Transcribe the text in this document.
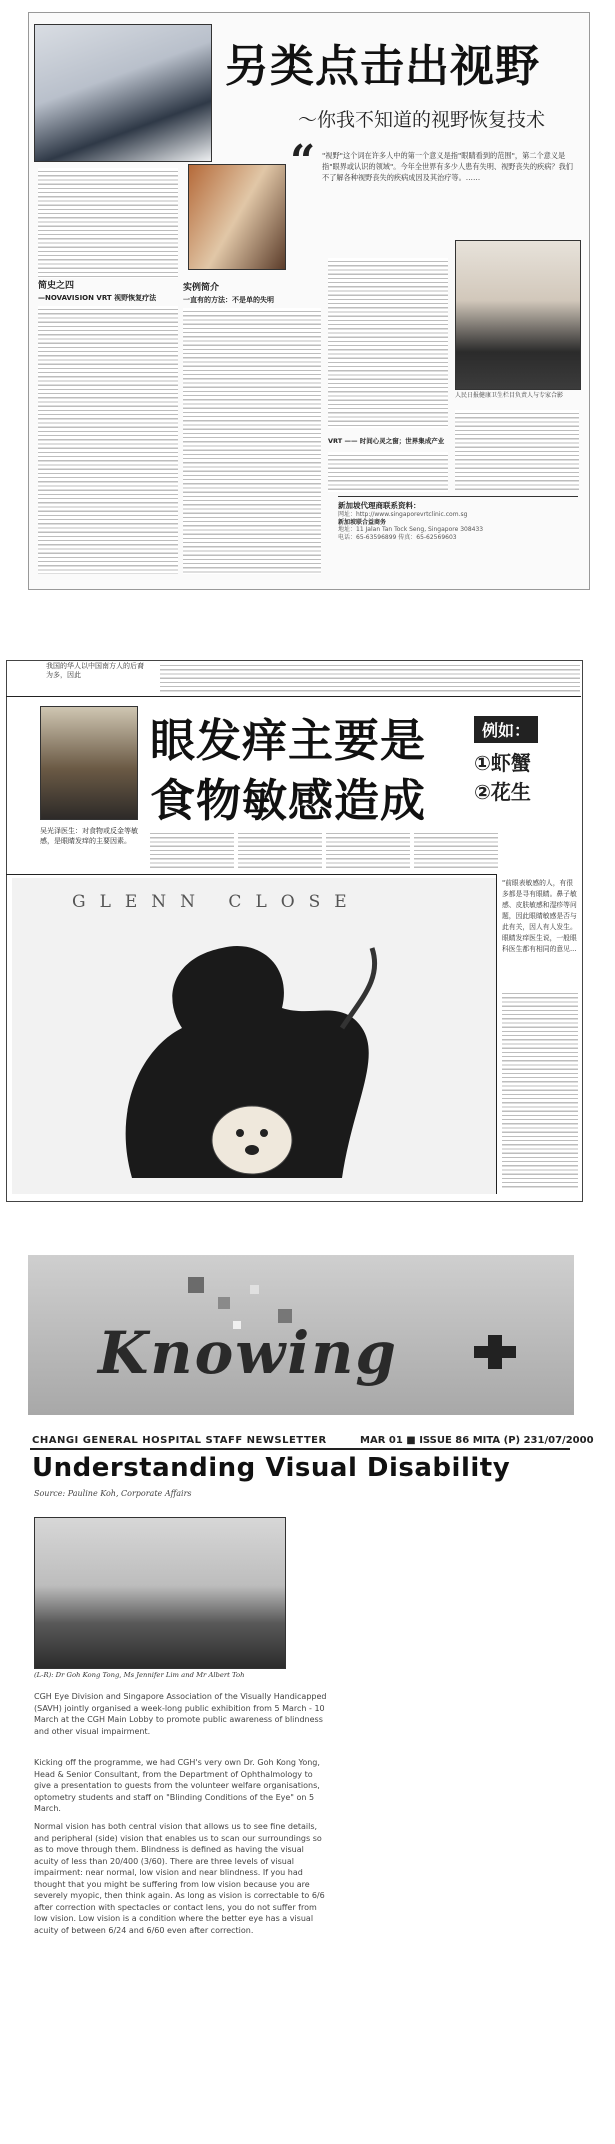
另类点击出视野
～你我不知道的视野恢复技术
“ "视野"这个词在许多人中的第一个意义是指"眼睛看到的范围"，第二个意义是指"眼界或认识的领域"。今年全世界有多少人患有失明、视野丧失的疾病？我们不了解各种视野丧失的疾病成因及其治疗等。……
简史之四
—NOVAVISION VRT 视野恢复疗法
实例简介
一直有的方法：不是单的失明
VRT —— 时间心灵之窗；世界集成产业
人民日报健康卫生栏目负责人与专家合影
新加坡代理商联系资料：
网址：http://www.singaporevrtclinic.com.sg
新加坡联合益商务
地址：11 Jalan Tan Tock Seng, Singapore 308433
电话：65-63596899 传真：65-62569603
我国的华人以中国南方人的后裔为多，因此
吴光泽医生：对食物或反金等敏感，是眼睛发痒的主要因素。
眼发痒主要是
食物敏感造成
例如：
①虾蟹
②花生
GLENN CLOSE
"前眼表敏感的人，有很多都是寻有眼睛。鼻子敏感、皮肤敏感和湿疹等问题，因此眼睛敏感是否与此有关，因人有人发生。眼睛发痒医生说，一般眼科医生都有相同的意见...
Knowing
CHANGI GENERAL HOSPITAL STAFF NEWSLETTER	MAR 01 ■ ISSUE 86 MITA (P) 231/07/2000
Understanding Visual Disability
Source: Pauline Koh, Corporate Affairs
(L-R): Dr Goh Kong Tong, Ms Jennifer Lim and Mr Albert Toh
CGH Eye Division and Singapore Association of the Visually Handicapped (SAVH) jointly organised a week-long public exhibition from 5 March - 10 March at the CGH Main Lobby to promote public awareness of blindness and other visual impairment.
Kicking off the programme, we had CGH's very own Dr. Goh Kong Yong, Head & Senior Consultant, from the Department of Ophthalmology to give a presentation to guests from the volunteer welfare organisations, optometry students and staff on "Blinding Conditions of the Eye" on 5 March.
Normal vision has both central vision that allows us to see fine details, and peripheral (side) vision that enables us to scan our surroundings so as to move through them. Blindness is defined as having the visual acuity of less than 20/400 (3/60). There are three levels of visual impairment: near normal, low vision and near blindness. If you had thought that you might be suffering from low vision because you are severely myopic, then think again. As long as vision is correctable to 6/6 after correction with spectacles or contact lens, you do not suffer from low vision. Low vision is a condition where the better eye has a visual acuity of between 6/24 and 6/60 even after correction.
